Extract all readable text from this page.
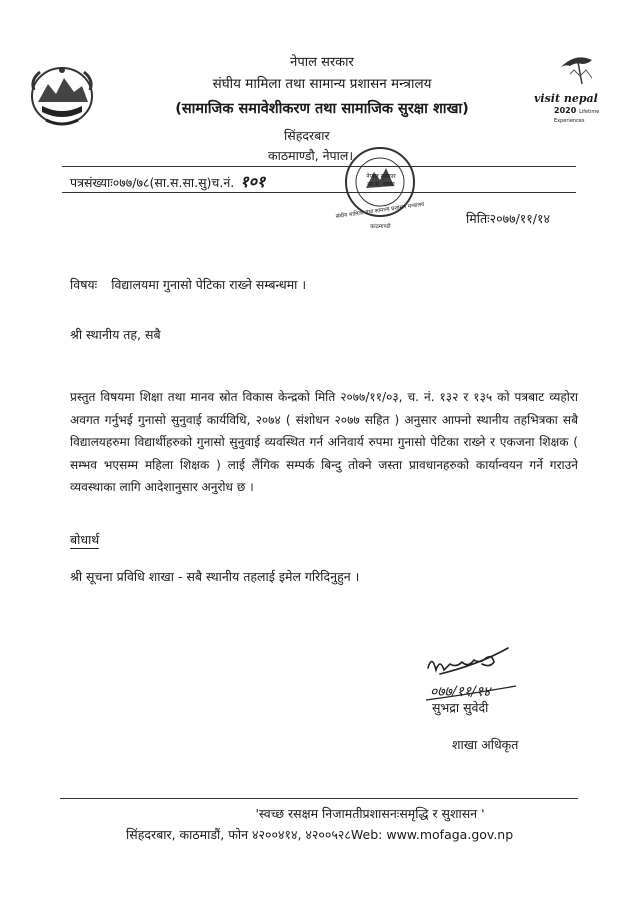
visit nepal
2020 Lifetime Experiences
नेपाल सरकार
संघीय मामिला तथा सामान्य प्रशासन मन्त्रालय
(सामाजिक समावेशीकरण तथा सामाजिक सुरक्षा शाखा)
सिंहदरबार
काठमाण्डौ, नेपाल।
पत्रसंख्याः०७७/७८(सा.स.सा.सु)च.नं. १०१	नेपाल सरकार
सा.स. शाखा
संघीय मामिला तथा सामान्य प्रशासन मन्त्रालय
काठमाण्डौ
मितिः२०७७/११/१४
विषयः विद्यालयमा गुनासो पेटिका राख्ने सम्बन्धमा ।
श्री स्थानीय तह, सबै
प्रस्तुत विषयमा शिक्षा तथा मानव स्रोत विकास केन्द्रको मिति २०७७/११/०३, च. नं. १३२ र १३५ को पत्रबाट व्यहोरा अवगत गर्नुभई गुनासो सुनुवाई कार्यविधि, २०७४ ( संशोधन २०७७ सहित ) अनुसार आफ्नो स्थानीय तहभित्रका सबै विद्यालयहरुमा विद्यार्थीहरुको गुनासो सुनुवाई व्यवस्थित गर्न अनिवार्य रुपमा गुनासो पेटिका राख्ने र एकजना शिक्षक ( सम्भव भएसम्म महिला शिक्षक ) लाई लैंगिक सम्पर्क बिन्दु तोक्ने जस्ता प्रावधानहरुको कार्यान्वयन गर्ने गराउने व्यवस्थाका लागि आदेशानुसार अनुरोध छ ।
बोधार्थ
श्री सूचना प्रविधि शाखा - सबै स्थानीय तहलाई इमेल गरिदिनुहुन ।
०७७/११/१४
सुभद्रा सुवेदी
शाखा अधिकृत
'स्वच्छ रसक्षम निजामतीप्रशासनःसमृद्धि र सुशासन '
सिंहदरबार, काठमाडौं, फोन ४२००४१४, ४२००५२८Web: www.mofaga.gov.np
